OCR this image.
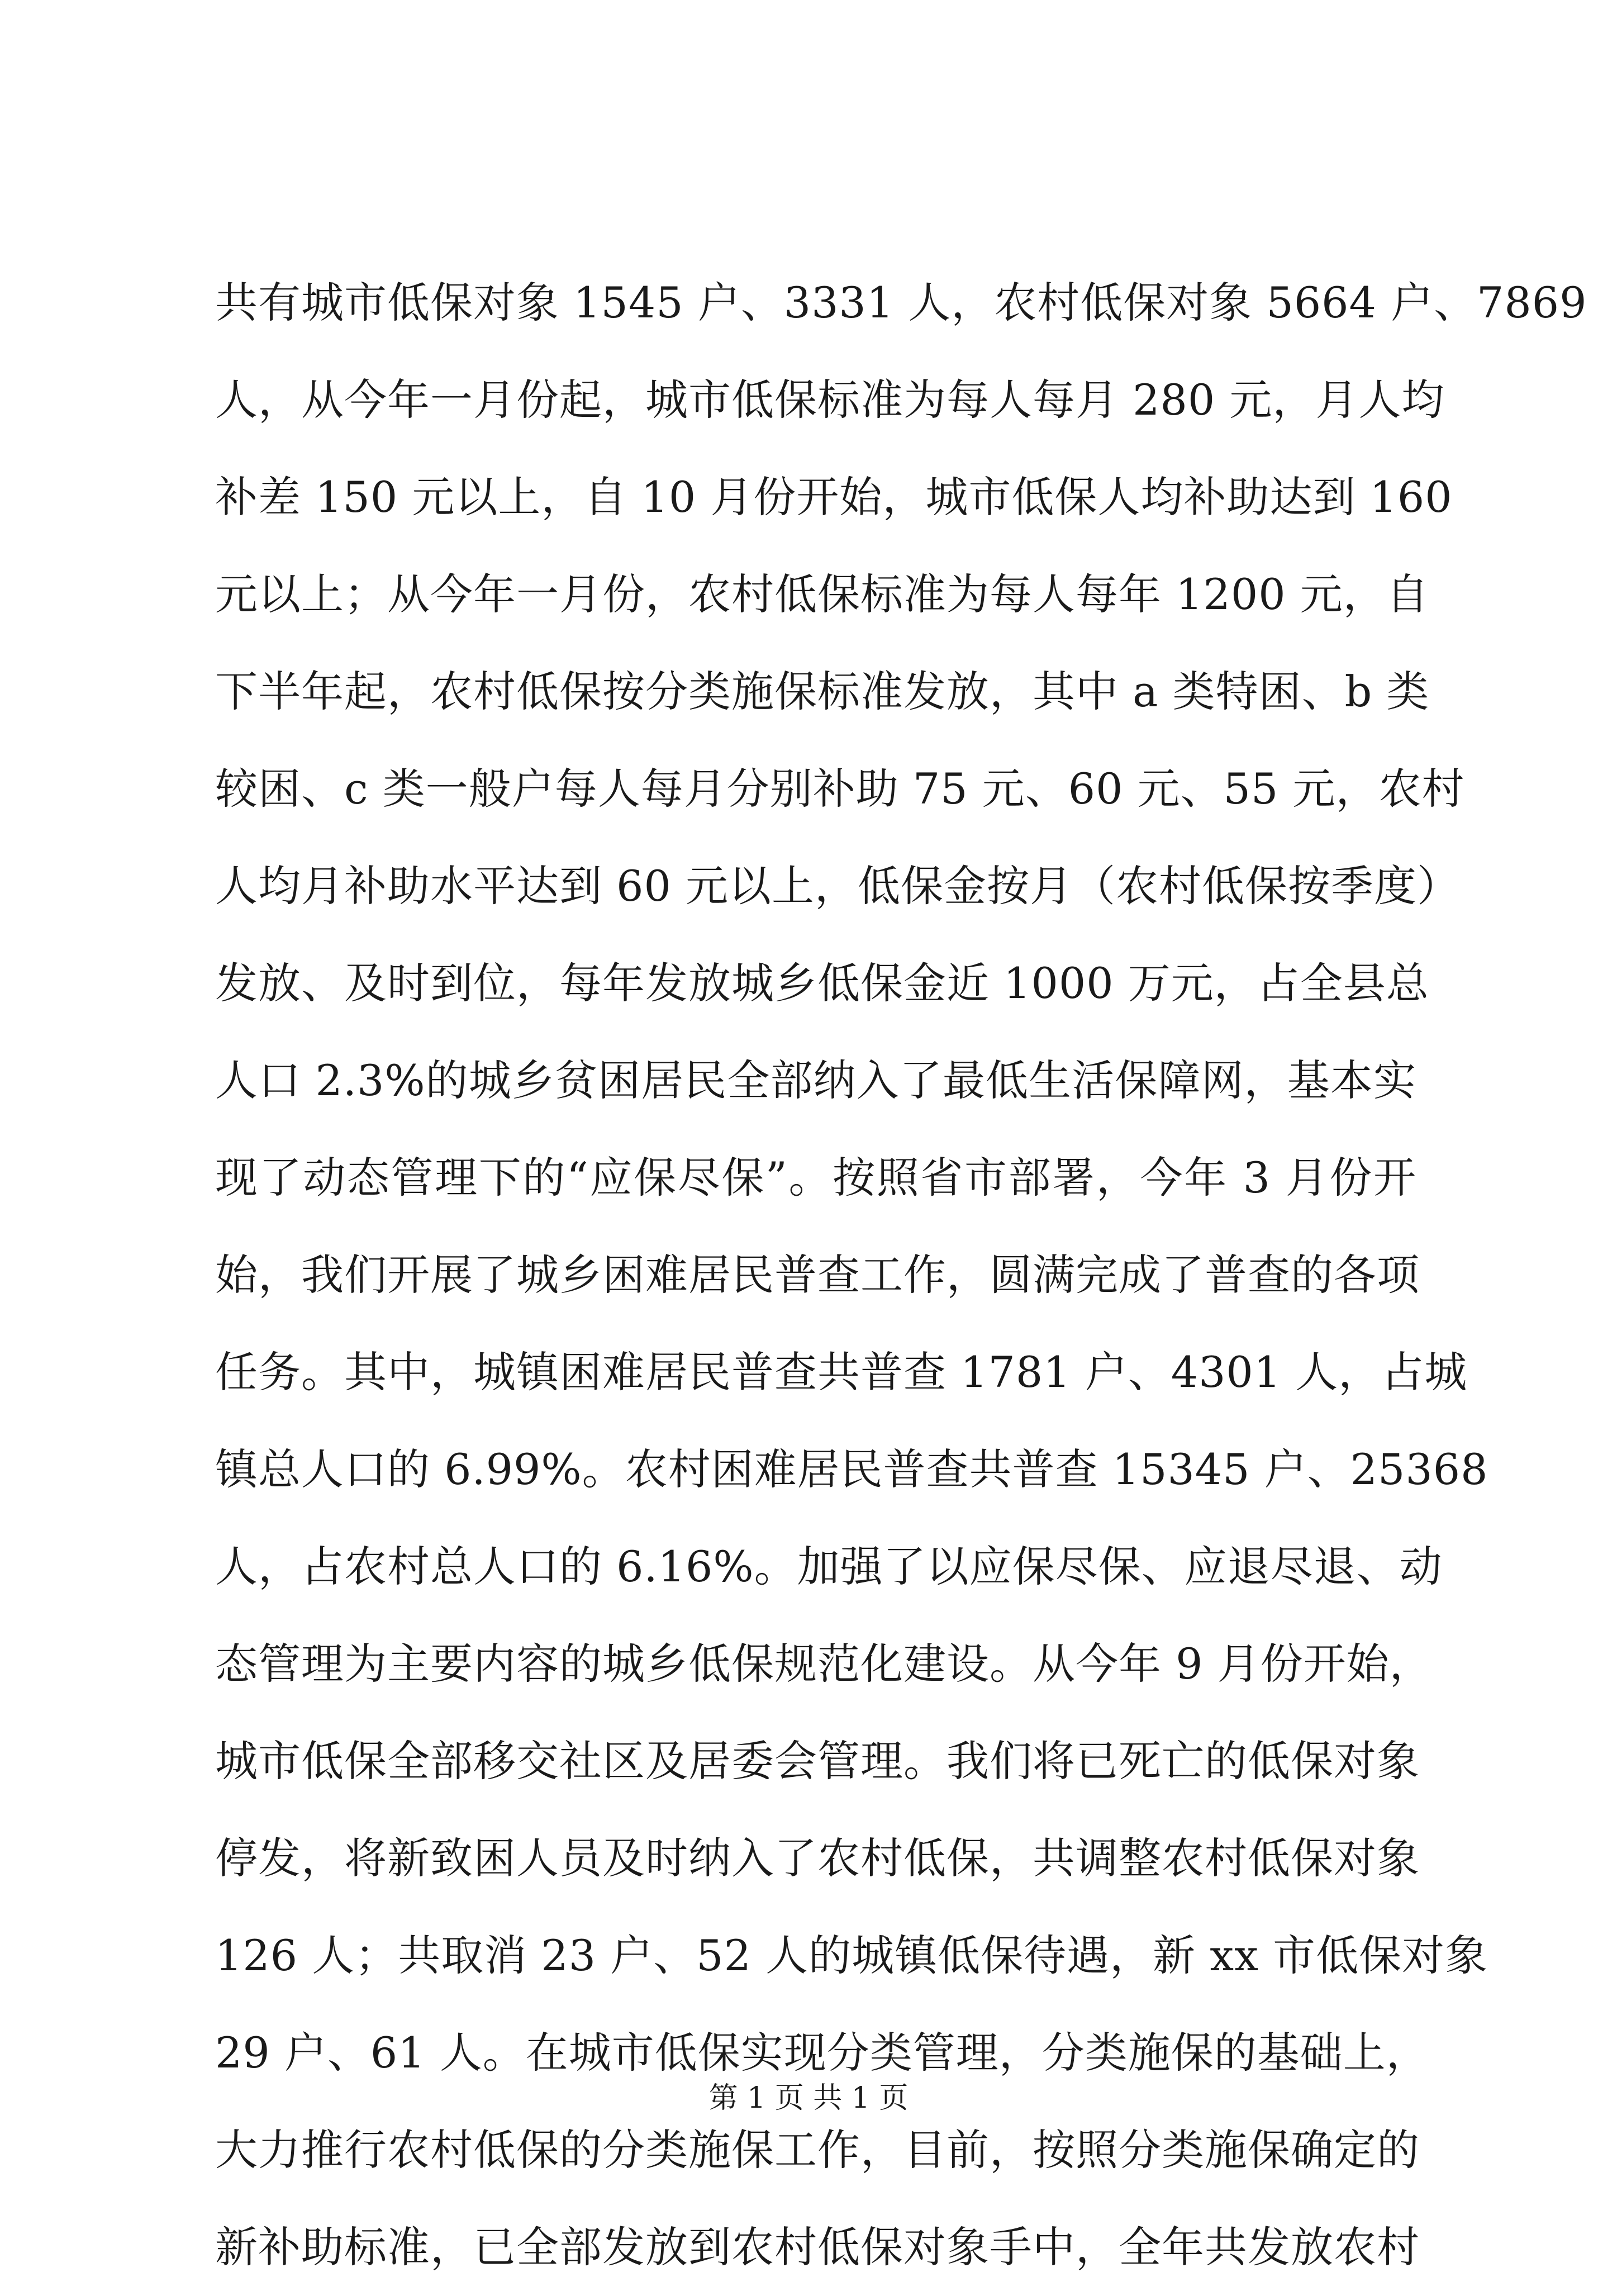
共有城市低保对象 1545 户、3331 人，农村低保对象 5664 户、7869
人，从今年一月份起，城市低保标准为每人每月 280 元，月人均
补差 150 元以上，自 10 月份开始，城市低保人均补助达到 160
元以上；从今年一月份，农村低保标准为每人每年 1200 元，自
下半年起，农村低保按分类施保标准发放，其中 a 类特困、b 类
较困、c 类一般户每人每月分别补助 75 元、60 元、55 元，农村
人均月补助水平达到 60 元以上，低保金按月（农村低保按季度）
发放、及时到位，每年发放城乡低保金近 1000 万元，占全县总
人口 2.3%的城乡贫困居民全部纳入了最低生活保障网，基本实
现了动态管理下的“应保尽保”。按照省市部署，今年 3 月份开
始，我们开展了城乡困难居民普查工作，圆满完成了普查的各项
任务。其中，城镇困难居民普查共普查 1781 户、4301 人，占城
镇总人口的 6.99%。农村困难居民普查共普查 15345 户、25368
人，占农村总人口的 6.16%。加强了以应保尽保、应退尽退、动
态管理为主要内容的城乡低保规范化建设。从今年 9 月份开始，
城市低保全部移交社区及居委会管理。我们将已死亡的低保对象
停发，将新致困人员及时纳入了农村低保，共调整农村低保对象
126 人；共取消 23 户、52 人的城镇低保待遇，新 xx 市低保对象
29 户、61 人。在城市低保实现分类管理，分类施保的基础上，
大力推行农村低保的分类施保工作，目前，按照分类施保确定的
新补助标准，已全部发放到农村低保对象手中，全年共发放农村
第 1 页 共 1 页
